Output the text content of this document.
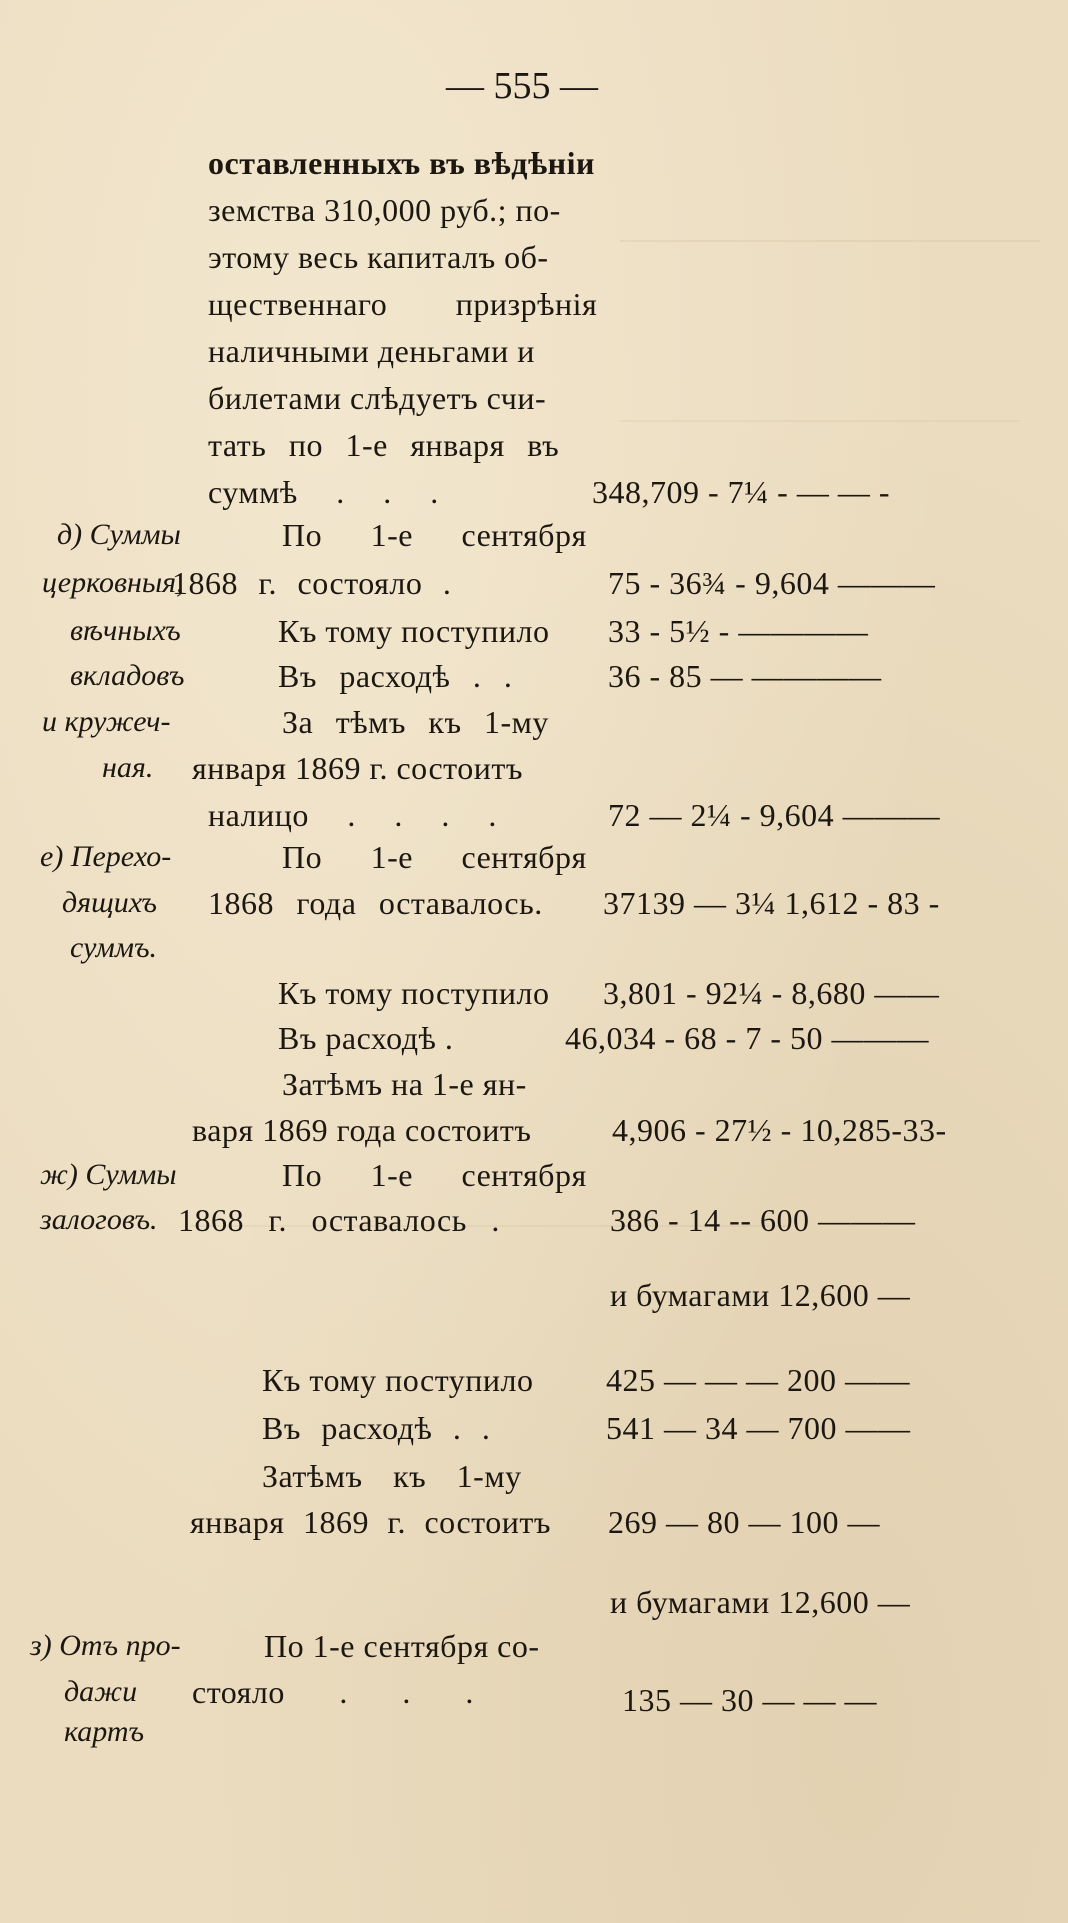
— 555 —
оставленныхъ въ вѣдѣніи
земства 310,000 руб.; по-
этому весь капиталъ об-
щественнаго призрѣнія
наличными деньгами и
билетами слѣдуетъ счи-
тать по 1-е января въ
суммѣ . . .	348,709 - 7¼ - — — -
д) Суммы
церковныя,
вѣчныхъ
вкладовъ
и кружеч-
ная.
По 1-е сентября
1868 г. состояло .	75 - 36¾ - 9,604 ———
Къ тому поступило 33 - 5½ - ————
Въ расходѣ . .	36 - 85 — ————
За тѣмъ къ 1-му
января 1869 г. состоитъ
налицо . . . .	72 — 2¼ - 9,604 ———
е) Перехо-
дящихъ
суммъ.
По 1-е сентября
1868 года оставалось. 37139 — 3¼ 1,612 - 83 -
Къ тому поступило 3,801 - 92¼ - 8,680 ——
Въ расходѣ .	46,034 - 68 - 7 - 50 ———
Затѣмъ на 1-е ян-
варя 1869 года состоитъ	4,906 - 27½ - 10,285-33-
ж) Суммы
залоговъ.
По 1-е сентября
1868 г. оставалось .	386 - 14 -- 600 ———
и бумагами 12,600 —
Къ тому поступило 425 — — — 200 ——
Въ расходѣ . .	541 — 34 — 700 ——
Затѣмъ къ 1-му
января 1869 г. состоитъ 269 — 80 — 100 —
и бумагами 12,600 —
з) Отъ про-
дажи
картъ
По 1-е сентября со-
стояло . . .	135 — 30 — — —
